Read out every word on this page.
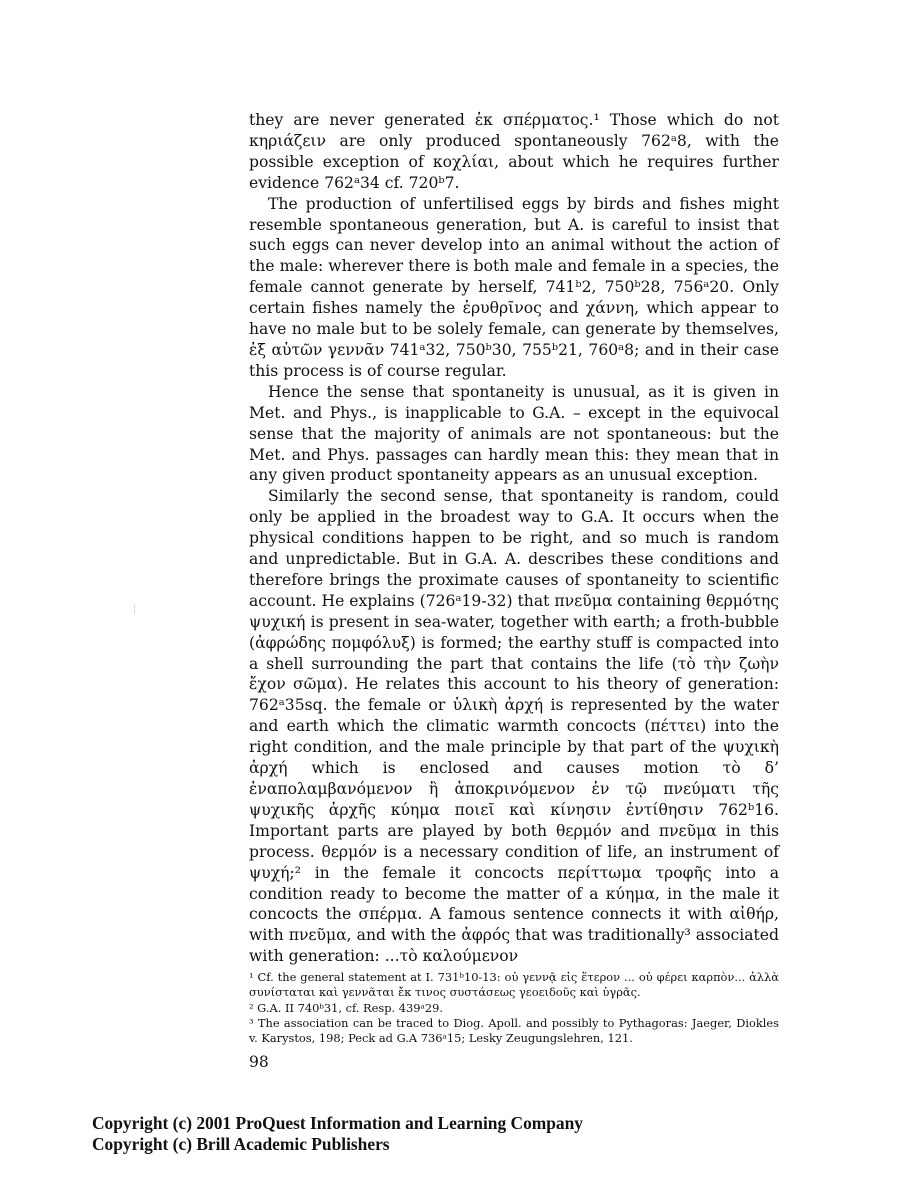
they are never generated ἐκ σπέρματος.¹ Those which do not κηριάζειν are only produced spontaneously 762ᵃ8, with the possible exception of κοχλίαι, about which he requires further evidence 762ᵃ34 cf. 720ᵇ7.

The production of unfertilised eggs by birds and fishes might resemble spontaneous generation, but A. is careful to insist that such eggs can never develop into an animal without the action of the male: wherever there is both male and female in a species, the female cannot generate by herself, 741ᵇ2, 750ᵇ28, 756ᵃ20. Only certain fishes namely the ἐρυθρῖνος and χάννη, which appear to have no male but to be solely female, can generate by themselves, ἐξ αὑτῶν γεννᾶν 741ᵃ32, 750ᵇ30, 755ᵇ21, 760ᵃ8; and in their case this process is of course regular.

Hence the sense that spontaneity is unusual, as it is given in Met. and Phys., is inapplicable to G.A. – except in the equivocal sense that the majority of animals are not spontaneous: but the Met. and Phys. passages can hardly mean this: they mean that in any given product spontaneity appears as an unusual exception.

Similarly the second sense, that spontaneity is random, could only be applied in the broadest way to G.A. It occurs when the physical conditions happen to be right, and so much is random and unpredictable. But in G.A. A. describes these conditions and therefore brings the proximate causes of spontaneity to scientific account. He explains (726ᵃ19-32) that πνεῦμα containing θερμότης ψυχική is present in sea-water, together with earth; a froth-bubble (ἀφρώδης πομφόλυξ) is formed; the earthy stuff is compacted into a shell surrounding the part that contains the life (τὸ τὴν ζωὴν ἔχον σῶμα). He relates this account to his theory of generation: 762ᵃ35sq. the female or ὑλικὴ ἀρχή is represented by the water and earth which the climatic warmth concocts (πέττει) into the right condition, and the male principle by that part of the ψυχικὴ ἀρχή which is enclosed and causes motion τὸ δ’ ἐναπολαμβανόμενον ἢ ἀποκρινόμενον ἐν τῷ πνεύματι τῆς ψυχικῆς ἀρχῆς κύημα ποιεῖ καὶ κίνησιν ἐντίθησιν 762ᵇ16. Important parts are played by both θερμόν and πνεῦμα in this process. θερμόν is a necessary condition of life, an instrument of ψυχή;² in the female it concocts περίττωμα τροφῆς into a condition ready to become the matter of a κύημα, in the male it concocts the σπέρμα. A famous sentence connects it with αἰθήρ, with πνεῦμα, and with the ἀφρός that was traditionally³ associated with generation: ...τὸ καλούμενον

¹ Cf. the general statement at I. 731ᵇ10-13: οὐ γεννᾷ εἰς ἕτερον ... οὐ φέρει καρπὸν... ἀλλὰ συνίσταται καὶ γεννᾶται ἔκ τινος συστάσεως γεοειδοῦς καὶ ὑγρᾶς.

² G.A. II 740ᵇ31, cf. Resp. 439ᵃ29.

³ The association can be traced to Diog. Apoll. and possibly to Pythagoras: Jaeger, Diokles v. Karystos, 198; Peck ad G.A 736ᵃ15; Lesky Zeugungslehren, 121.

98
Copyright (c) 2001 ProQuest Information and Learning Company
Copyright (c) Brill Academic Publishers
